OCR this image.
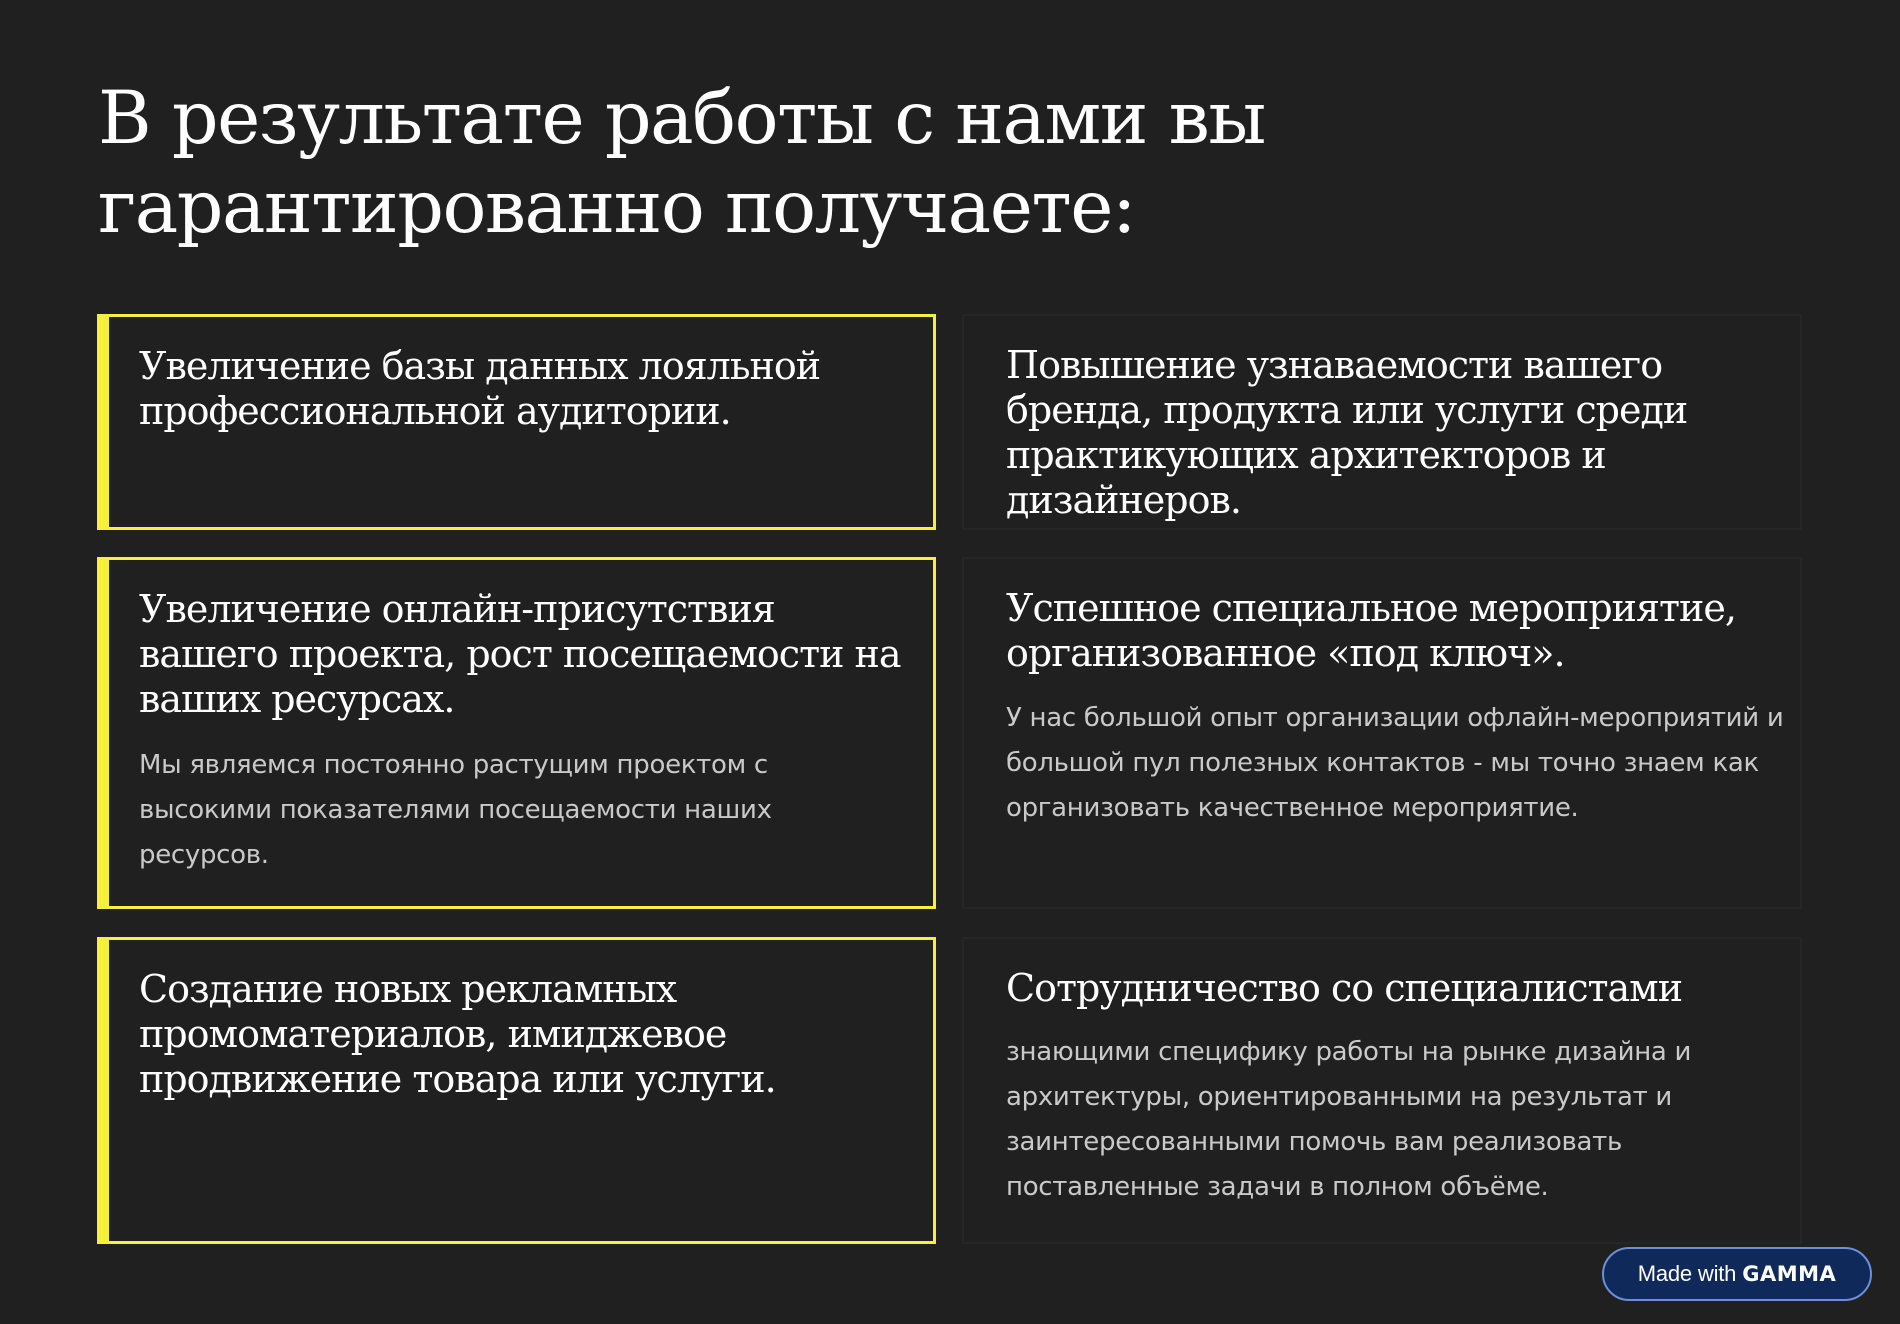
В результате работы с нами вы гарантированно получаете:

Увеличение базы данных лояльной профессиональной аудитории.

Повышение узнаваемости вашего бренда, продукта или услуги среди практикующих архитекторов и дизайнеров.

Увеличение онлайн-присутствия вашего проекта, рост посещаемости на ваших ресурсах.

Мы являемся постоянно растущим проектом с высокими показателями посещаемости наших ресурсов.

Успешное специальное мероприятие, организованное «под ключ».

У нас большой опыт организации офлайн-мероприятий и большой пул полезных контактов - мы точно знаем как организовать качественное мероприятие.

Создание новых рекламных промоматериалов, имиджевое продвижение товара или услуги.

Сотрудничество со специалистами

знающими специфику работы на рынке дизайна и архитектуры, ориентированными на результат и заинтересованными помочь вам реализовать поставленные задачи в полном объёме.

Made with GAMMA
